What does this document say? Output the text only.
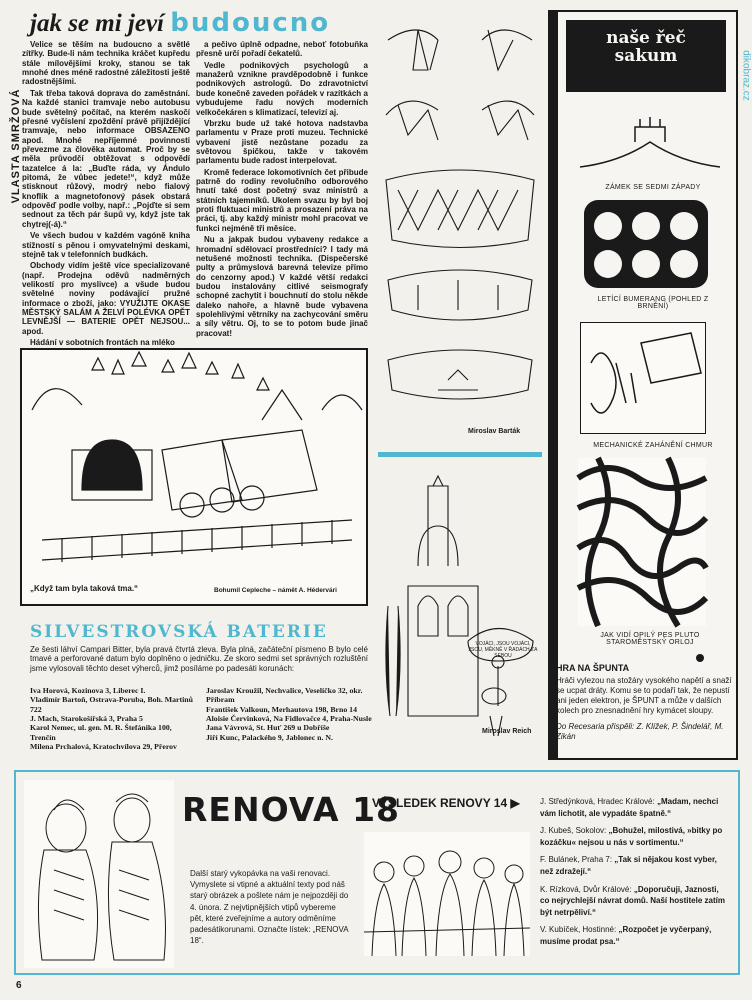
jak se mi jeví budoucno
VLASTA SMRŽOVÁ

Velice se těším na budoucno a světlé zítřky. Bude-li nám technika kráčet kupředu stále mílovějšími kroky, stanou se tak mnohé dnes méně radostné záležitosti ještě radostnějšími.

Tak třeba taková doprava do zaměstnání. Na každé stanici tramvaje nebo autobusu bude světelný počítač, na kterém naskočí přesné vyčíslení zpoždění právě přijíždějící tramvaje, nebo informace OBSAZENO apod. Mnohé nepříjemné povinnosti převezme za člověka automat. Proč by se měla průvodčí obtěžovat s odpovědí tazatelce á la: „Buďte ráda, vy Ándulo pitomá, že vůbec jedete!“, když může stisknout růžový, modrý nebo fialový knoflík a magnetofonový pásek obstará odpověď podle volby, např.: „Pojďte si sem sednout za těch pár šupů vy, když jste tak chytrej(-á).“

Ve všech budou v každém vagóně kniha stížností s pěnou i omyvatelnými deskami, stejně tak v telefonních budkách.

Obchody vidím ještě více specializované (např. Prodejna oděvů nadměrných velikostí pro myslivce) a všude budou světelné noviny podávající pružné informace o zboží, jako: VYUŽIJTE OKASE MĚSTSKÝ SALÁM A ŽELVÍ POLÉVKA OPĚT LEVNĚJŠÍ — BATERIE OPĚT NEJSOU... apod.

Hádání v sobotních frontách na mléko

a pečivo úplně odpadne, neboť fotobuňka přesně určí pořadí čekatelů.

Vedle podnikových psychologů a manažerů vznikne pravděpodobně i funkce podnikových astrologů. Do zdravotnictví bude konečně zaveden pořádek v razítkách a vybudujeme řadu nových moderních velkočekáren s klimatizací, televizí aj.

Vbrzku bude už také hotova nadstavba parlamentu v Praze proti muzeu. Technické vybavení jistě nezůstane pozadu za světovou špičkou, takže v takovém parlamentu bude radost interpelovat.

Kromě federace lokomotivních čet přibude patrně do rodiny revolučního odborového hnutí také dost početný svaz ministrů a státních tajemníků. Ukolem svazu by byl boj proti fluktuaci ministrů a prosazení práva na práci, tj. aby každý ministr mohl pracovat ve funkci nejméně tři měsíce.

Nu a jakpak budou vybaveny redakce a hromadní sdělovací prostředníci? I tady má netušené možnosti technika. (Dispečerské pulty a průmyslová barevná televize přímo do cenzorny apod.) V každé větší redakci budou instalovány citlivé seismografy schopné zachytit i bouchnutí do stolu někde daleko nahoře, a hlavně bude vybavena spolehlivými větrníky na zachycování směru a síly větru. Oj, to se to potom bude jinač pracovat!

„Když tam byla taková tma.“	Bohumil Cepleche – námět A. Hédervári
SILVESTROVSKÁ BATERIE
Ze šesti láhví Campari Bitter, byla pravá čtvrtá zleva. Byla plná, začáteční písmeno B bylo celé tmavé a perforované datum bylo doplněno o jedničku. Ze skoro sedmi set správných rozluštění jsme vylosovali těchto deset výherců, jimž posíláme po padesáti korunách:
Iva Horová, Kozinova 3, Liberec I.
Vladimír Bartoň, Ostrava-Poruba, Boh. Martinů 722
J. Mach, Starokošířská 3, Praha 5
Karol Nemec, ul. gen. M. R. Štefánika 100, Trenčín
Milena Prchalová, Kratochvílova 29, Přerov
Jaroslav Kroužil, Nechvalice, Veselíčko 32, okr. Příbram
František Valkoun, Merhautova 198, Brno 14
Aloisie Červinková, Na Fidlovačce 4, Praha-Nusle
Jana Vávrová, St. Huť 269 u Dobříše
Jiří Kunc, Palackého 9, Jablonec n. N.
Miroslav Barták
VOJÁCI, JSOU VOJÁCI, JSOU, MĚKNĚ V ŘADÁCH ZA SEBOU
Miroslav Reich
naše řeč sakum
ZÁMEK SE SEDMI ZÁPADY
LETÍCÍ BUMERANG (POHLED Z BRNĚNÍ)
MECHANICKÉ ZAHÁNĚNÍ CHMUR
JAK VIDÍ OPILÝ PES PLUTO STAROMĚSTSKÝ ORLOJ
HRA NA ŠPUNTA
Hráči vylezou na stožáry vysokého napětí a snaží se ucpat dráty. Komu se to podaří tak, že nepustí ani jeden elektron, je ŠPUNT a může v dalších kolech pro znesnadnění hry kymácet sloupy.
Do Recesaria přispěli: Z. Klížek, P. Šindelář, M. Zikán
RENOVA 18
Další starý vykopávka na vaši renovaci. Vymyslete si vtipné a aktuální texty pod náš starý obrázek a pošlete nám je nejpozději do 4. února. Z nejvtipnějších vtipů vybereme pět, které zveřejníme a autory odměníme padesátikorunami. Označte lístek: „RENOVA 18“.
VÝSLEDEK RENOVY 14 ▶	J. Středýnková, Hradec Králové: „Madam, nechci vám lichotit, ale vypadáte špatně.“

J. Kubeš, Sokolov: „Bohužel, milostivá, »bitky po kozáčku« nejsou u nás v sortimentu.“

F. Bulánek, Praha 7: „Tak si nějakou kost vyber, než zdražejí.“

K. Rízková, Dvůr Králové: „Doporučuji, Jaznosti, co nejrychlejší návrat domů. Naší hostitele zatím být netrpěliví.“

V. Kubíček, Hostinné: „Rozpočet je vyčerpaný, musíme prodat psa.“

6
dikobraz.cz
